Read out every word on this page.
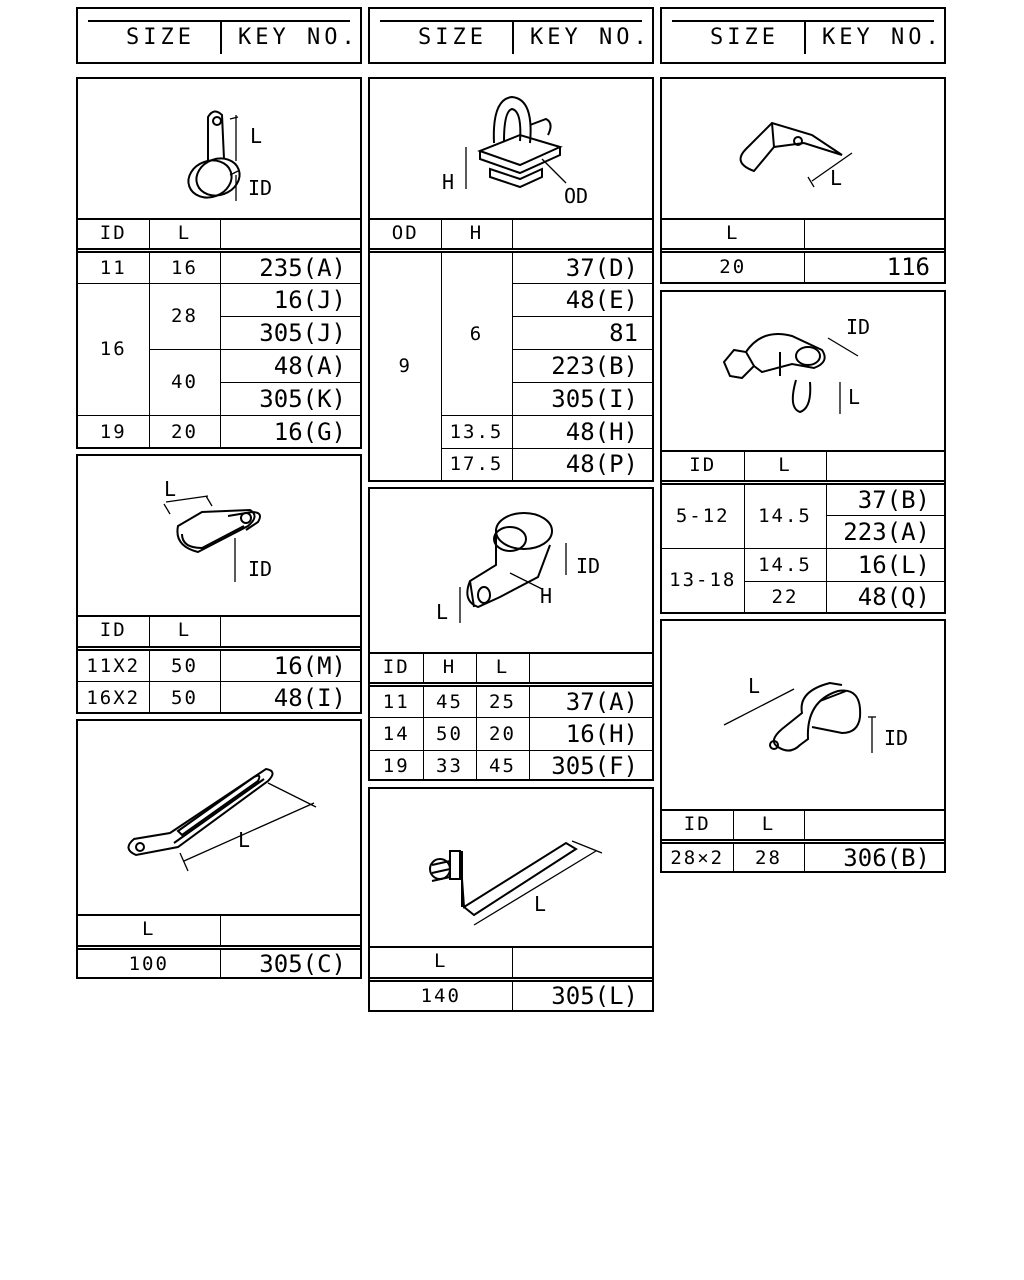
SIZE KEY NO.	SIZE KEY NO.	SIZE KEY NO.
L
ID
ID	L	
11	16	235(A)
16	28	16(J)
		305(J)
	40	48(A)
		305(K)
19	20	16(G)
L
ID
ID	L	
11X2	50	16(M)
16X2	50	48(I)
L
L	
100	305(C)
H
OD
OD	H	
9	6	37(D)
		48(E)
		81
		223(B)
		305(I)
	13.5	48(H)
	17.5	48(P)
ID
H
L
ID	H	L	
11	45	25	37(A)
14	50	20	16(H)
19	33	45	305(F)
L
L	
140	305(L)
L
L	
20	116
ID
L
ID	L	
5-12	14.5	37(B)
		223(A)
13-18	14.5	16(L)
	22	48(Q)
L
ID
ID	L	
28×2	28	306(B)
